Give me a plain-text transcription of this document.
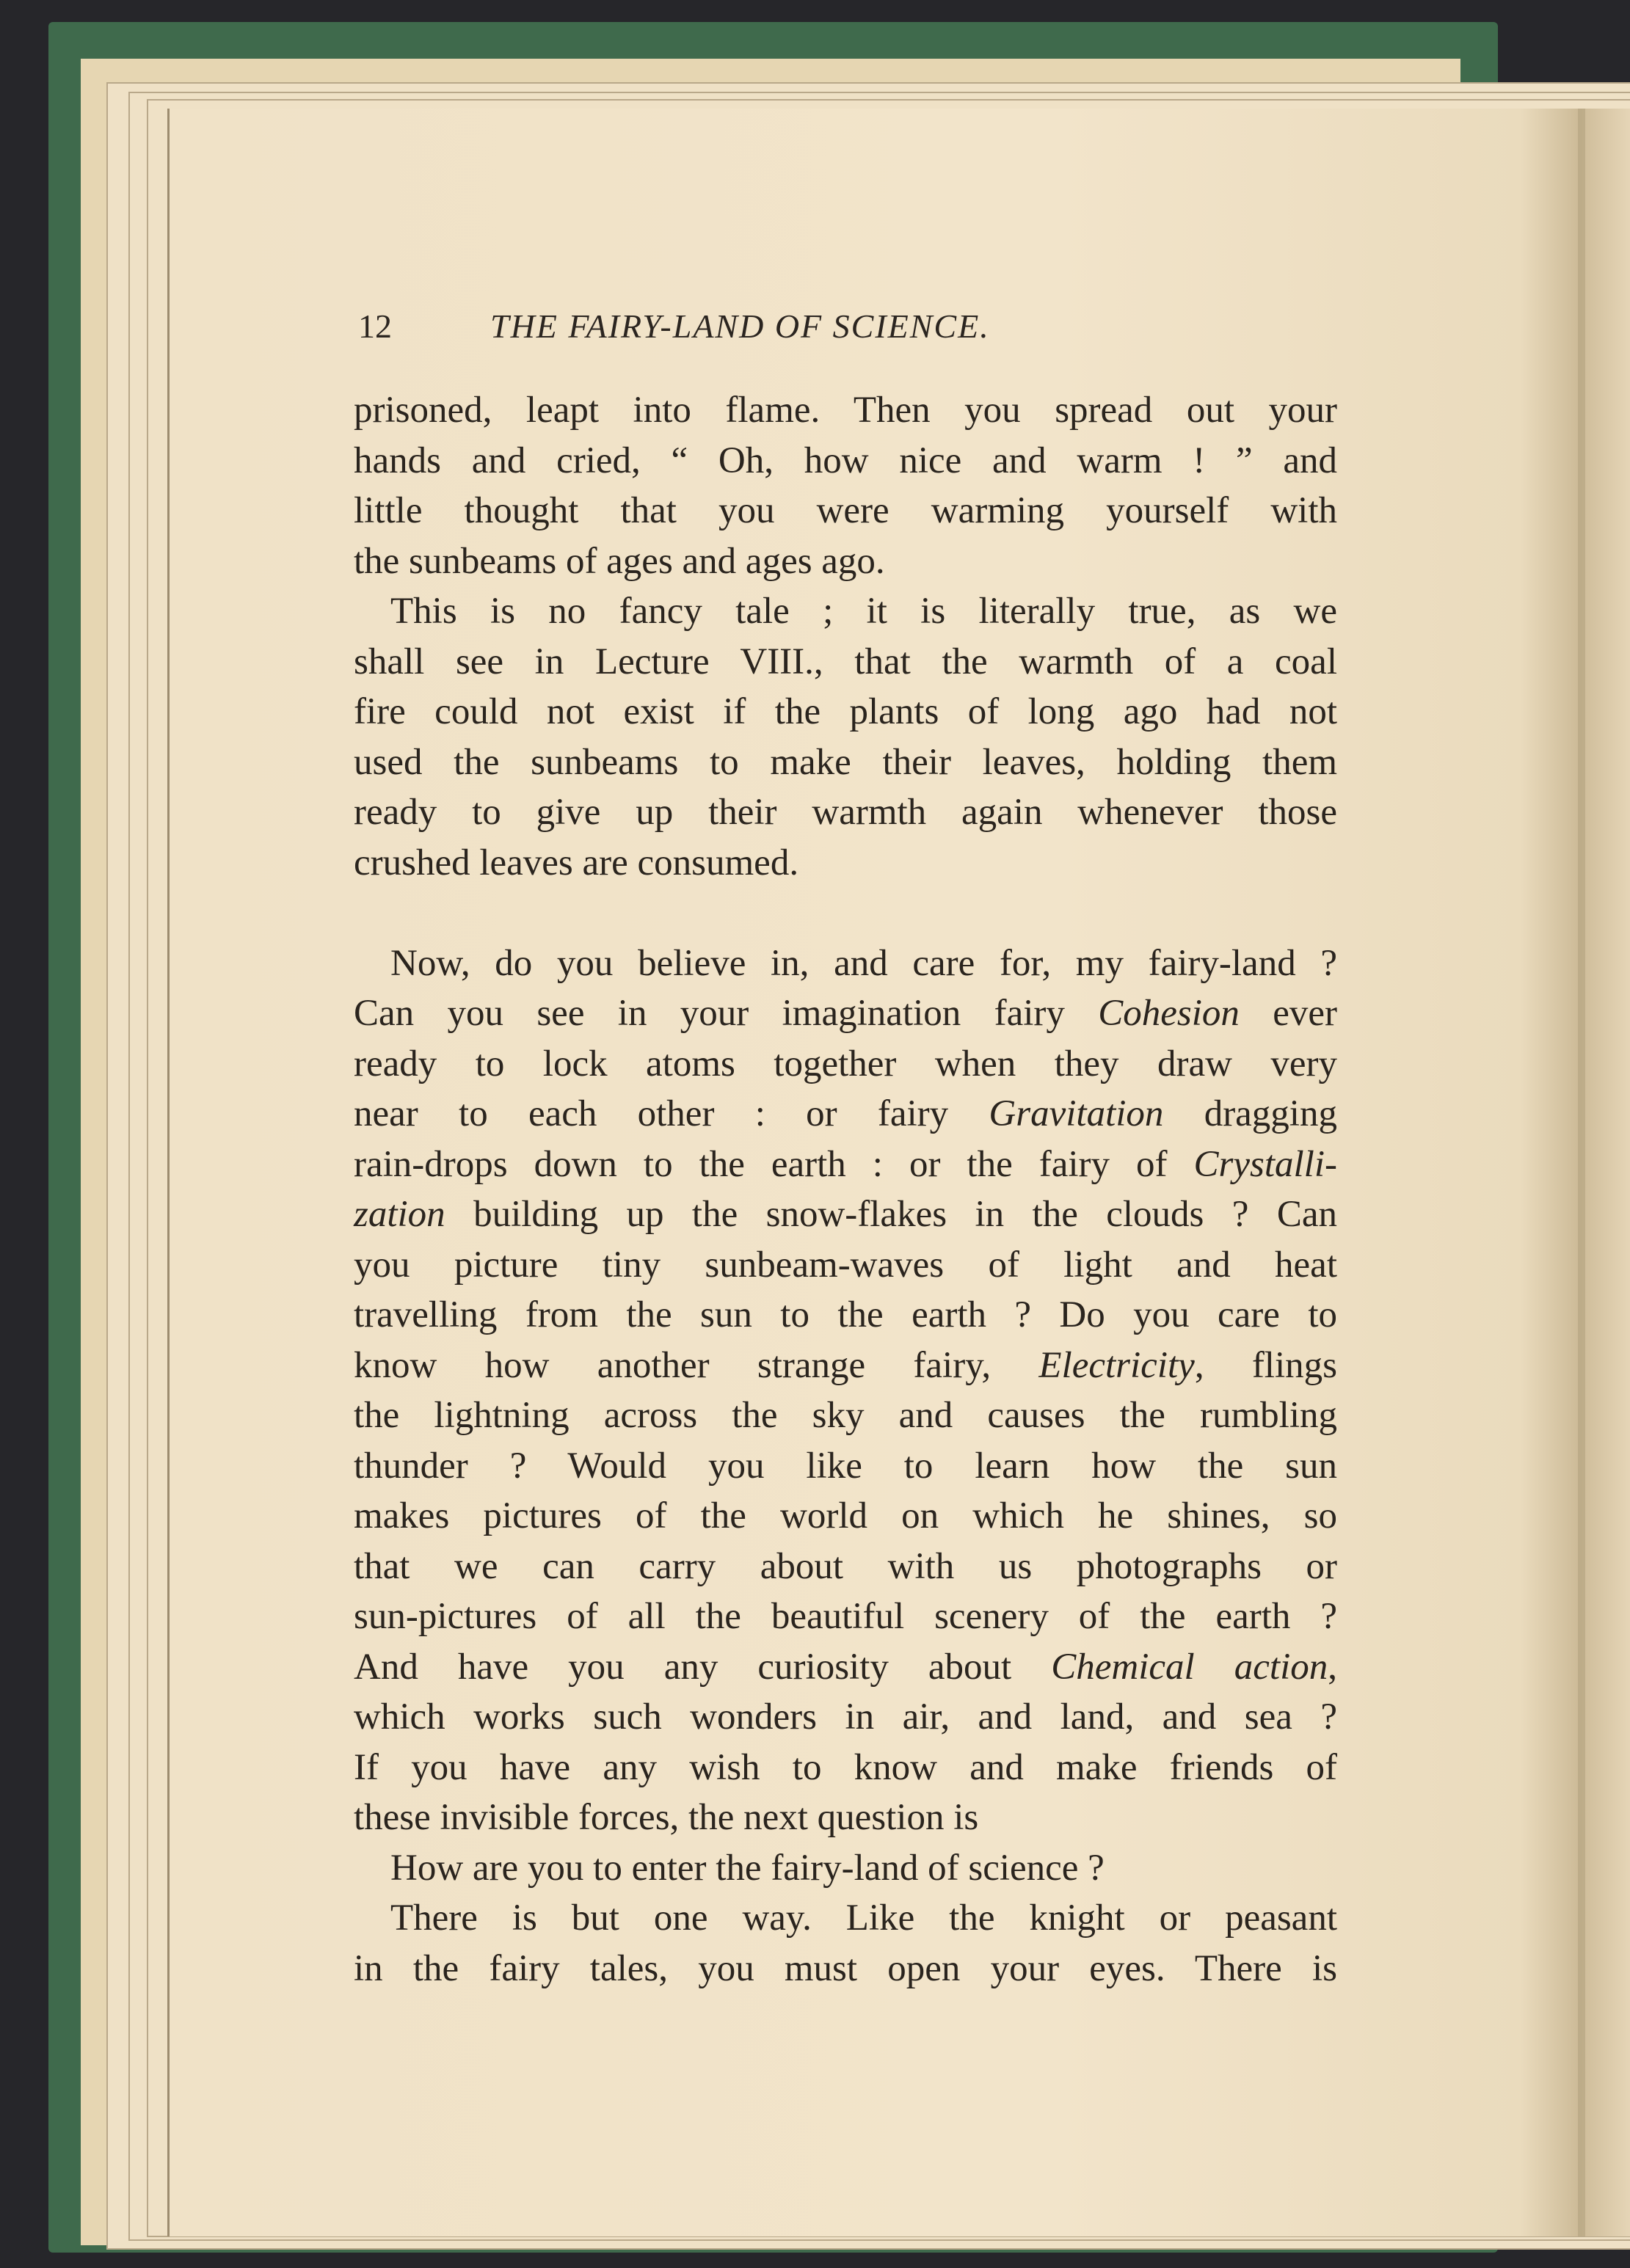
12	THE FAIRY-LAND OF SCIENCE.
prisoned, leapt into flame. Then you spread out your
hands and cried, “ Oh, how nice and warm ! ” and
little thought that you were warming yourself with
the sunbeams of ages and ages ago.
This is no fancy tale ; it is literally true, as we
shall see in Lecture VIII., that the warmth of a coal
fire could not exist if the plants of long ago had not
used the sunbeams to make their leaves, holding them
ready to give up their warmth again whenever those
crushed leaves are consumed.
Now, do you believe in, and care for, my fairy-land ?
Can you see in your imagination fairy Cohesion ever
ready to lock atoms together when they draw very
near to each other : or fairy Gravitation dragging
rain-drops down to the earth : or the fairy of Crystalli-
zation building up the snow-flakes in the clouds ? Can
you picture tiny sunbeam-waves of light and heat
travelling from the sun to the earth ? Do you care to
know how another strange fairy, Electricity, flings
the lightning across the sky and causes the rumbling
thunder ? Would you like to learn how the sun
makes pictures of the world on which he shines, so
that we can carry about with us photographs or
sun-pictures of all the beautiful scenery of the earth ?
And have you any curiosity about Chemical action,
which works such wonders in air, and land, and sea ?
If you have any wish to know and make friends of
these invisible forces, the next question is
How are you to enter the fairy-land of science ?
There is but one way. Like the knight or peasant
in the fairy tales, you must open your eyes. There is
